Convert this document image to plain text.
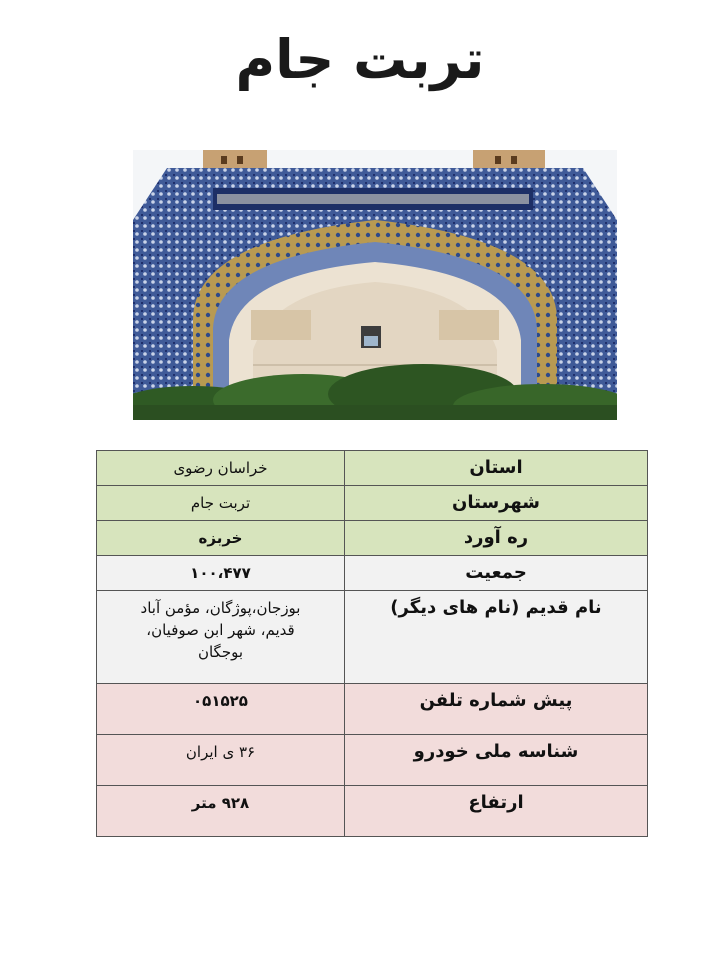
تربت جام
استان	خراسان رضوی
شهرستان	تربت جام
ره آورد	خربزه
جمعیت	۱۰۰،۴۷۷
نام قدیم (نام های دیگر)	بوزجان،پوژگان، مؤمن آباد قدیم، شهر ابن صوفیان، بوجگان
پیش شماره تلفن	۰۵۱۵۲۵
شناسه ملی خودرو	۳۶ ی ایران
ارتفاع	۹۲۸ متر
